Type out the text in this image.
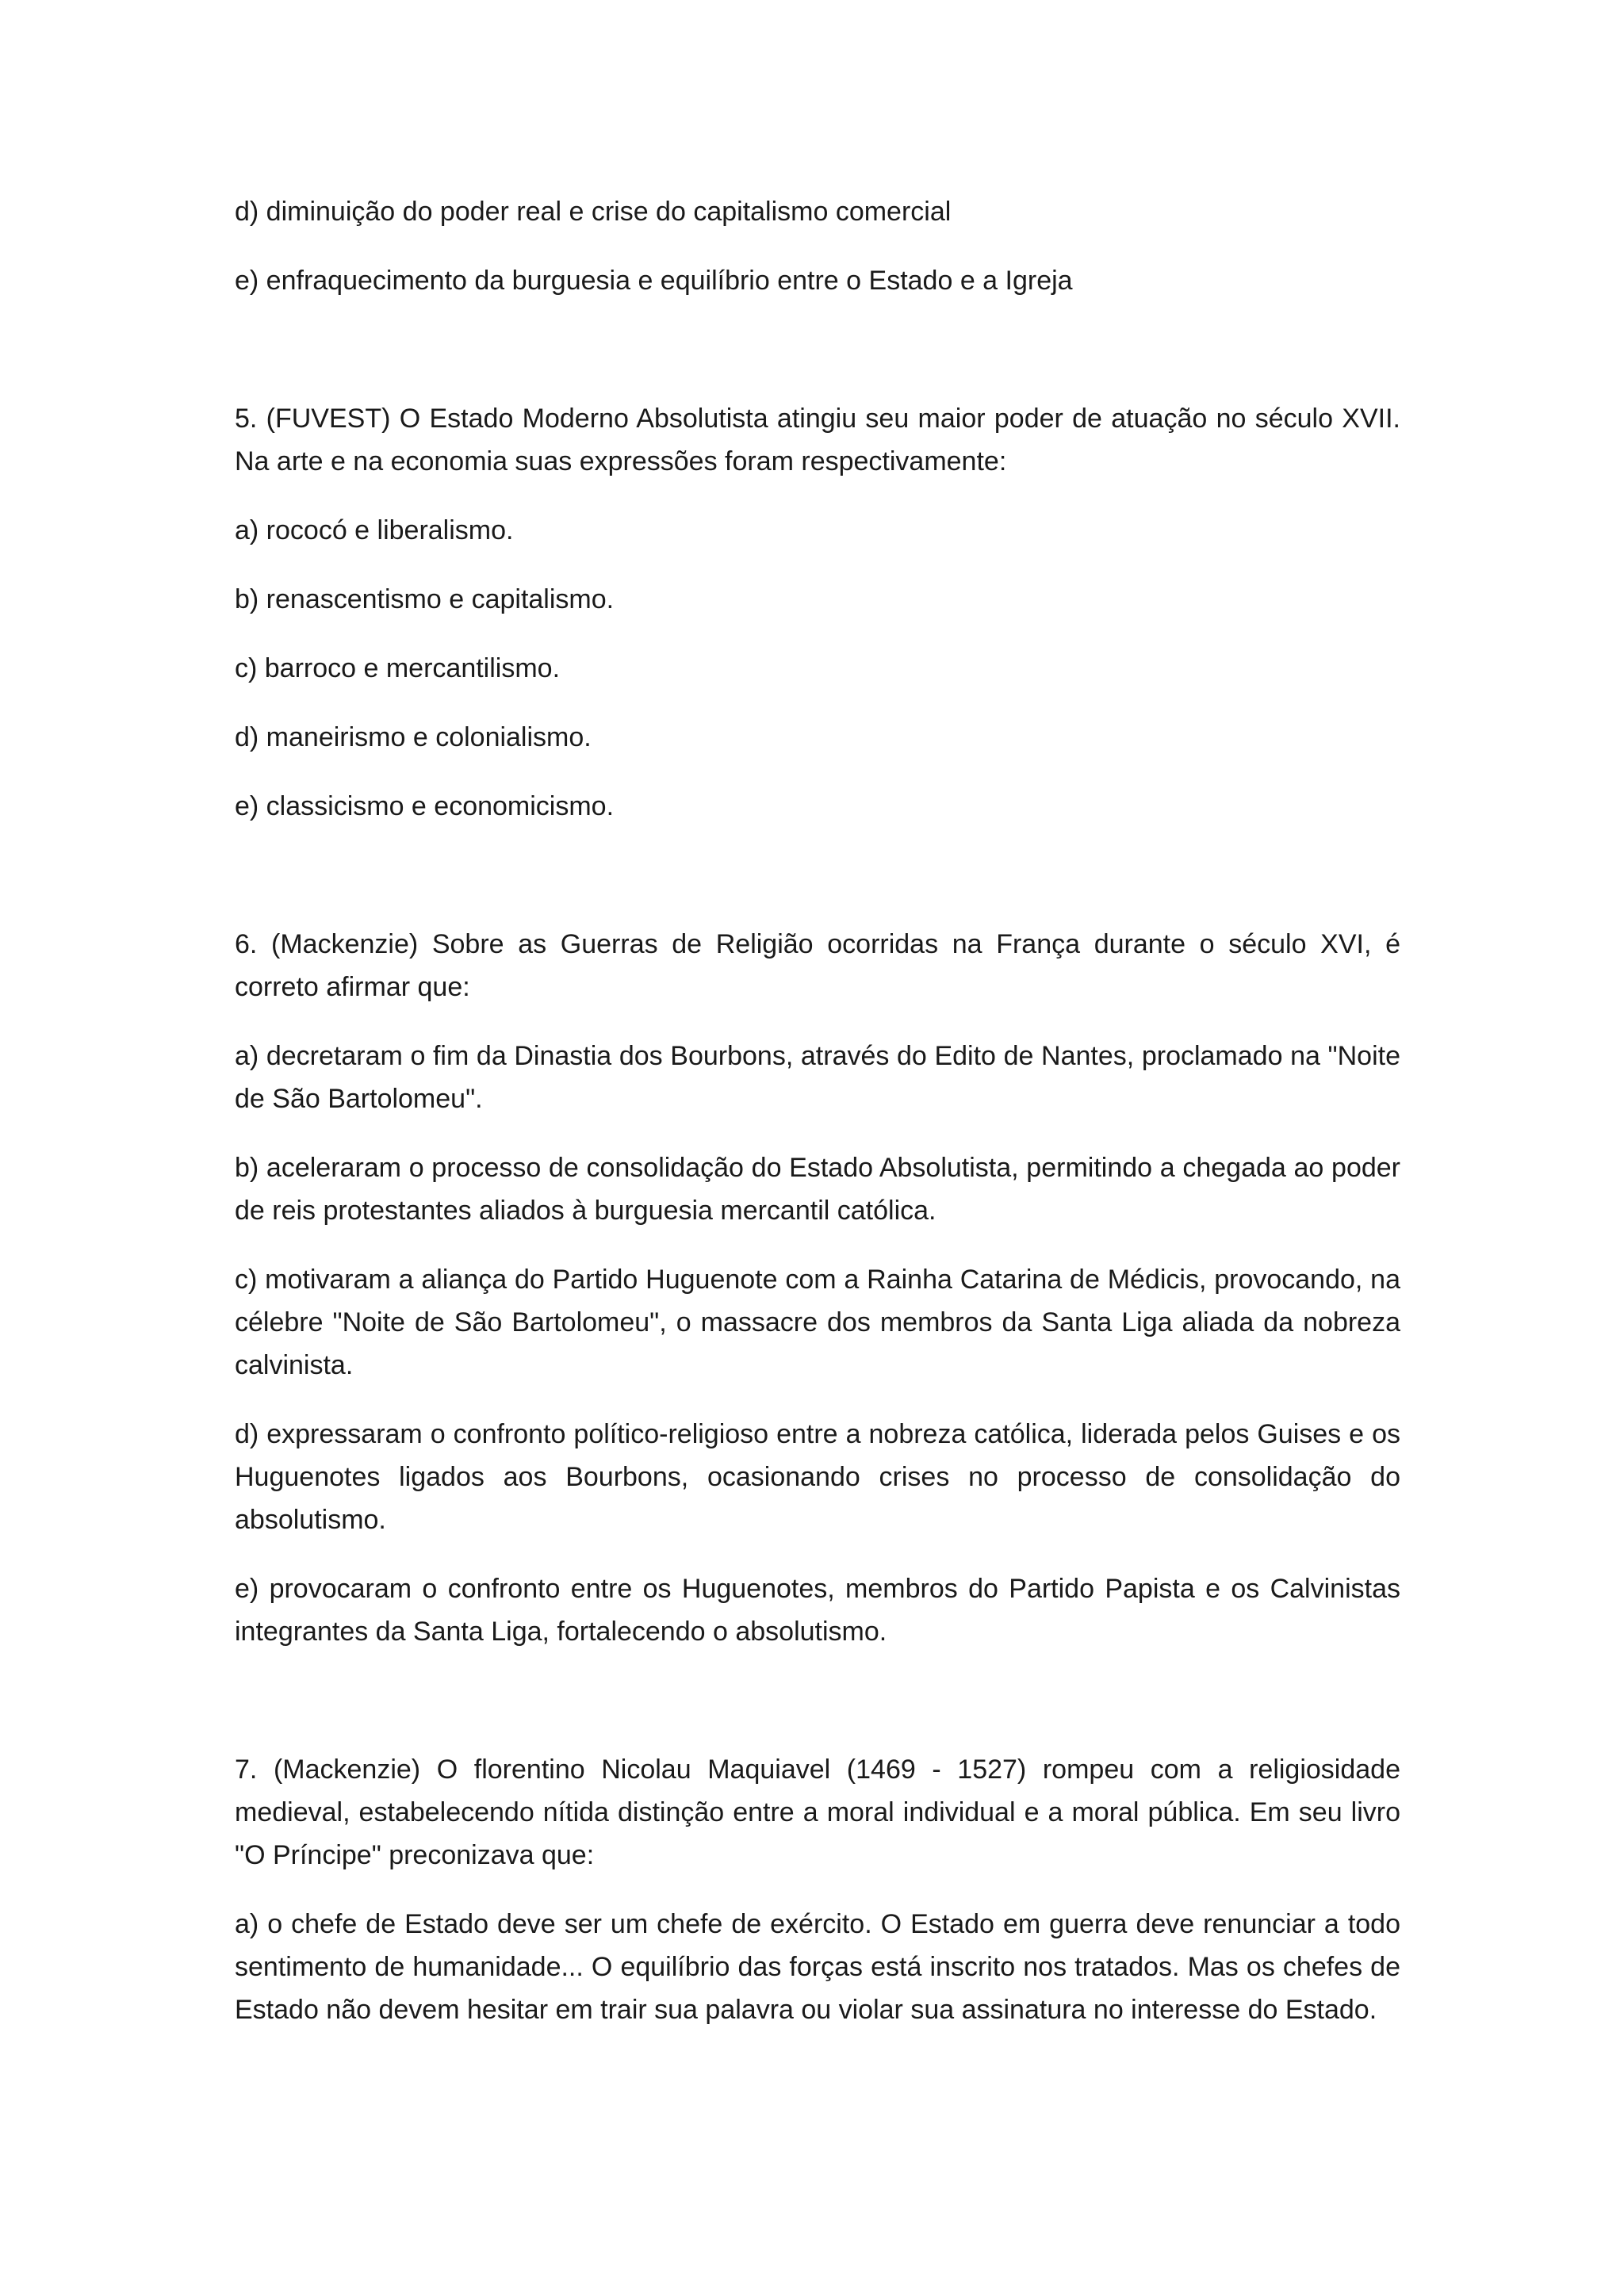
d) diminuição do poder real e crise do capitalismo comercial

e) enfraquecimento da burguesia e equilíbrio entre o Estado e a Igreja

5. (FUVEST) O Estado Moderno Absolutista atingiu seu maior poder de atuação no século XVII. Na arte e na economia suas expressões foram respectivamente:

a) rococó e liberalismo.

b) renascentismo e capitalismo.

c) barroco e mercantilismo.

d) maneirismo e colonialismo.

e) classicismo e economicismo.

6. (Mackenzie) Sobre as Guerras de Religião ocorridas na França durante o século XVI, é correto afirmar que:

a) decretaram o fim da Dinastia dos Bourbons, através do Edito de Nantes, proclamado na "Noite de São Bartolomeu".

b) aceleraram o processo de consolidação do Estado Absolutista, permitindo a chegada ao poder de reis protestantes aliados à burguesia mercantil católica.

c) motivaram a aliança do Partido Huguenote com a Rainha Catarina de Médicis, provocando, na célebre "Noite de São Bartolomeu", o massacre dos membros da Santa Liga aliada da nobreza calvinista.

d) expressaram o confronto político-religioso entre a nobreza católica, liderada pelos Guises e os Huguenotes ligados aos Bourbons, ocasionando crises no processo de consolidação do absolutismo.

e) provocaram o confronto entre os Huguenotes, membros do Partido Papista e os Calvinistas integrantes da Santa Liga, fortalecendo o absolutismo.

7. (Mackenzie) O florentino Nicolau Maquiavel (1469 - 1527) rompeu com a religiosidade medieval, estabelecendo nítida distinção entre a moral individual e a moral pública. Em seu livro "O Príncipe" preconizava que:

a) o chefe de Estado deve ser um chefe de exército. O Estado em guerra deve renunciar a todo sentimento de humanidade... O equilíbrio das forças está inscrito nos tratados. Mas os chefes de Estado não devem hesitar em trair sua palavra ou violar sua assinatura no interesse do Estado.
